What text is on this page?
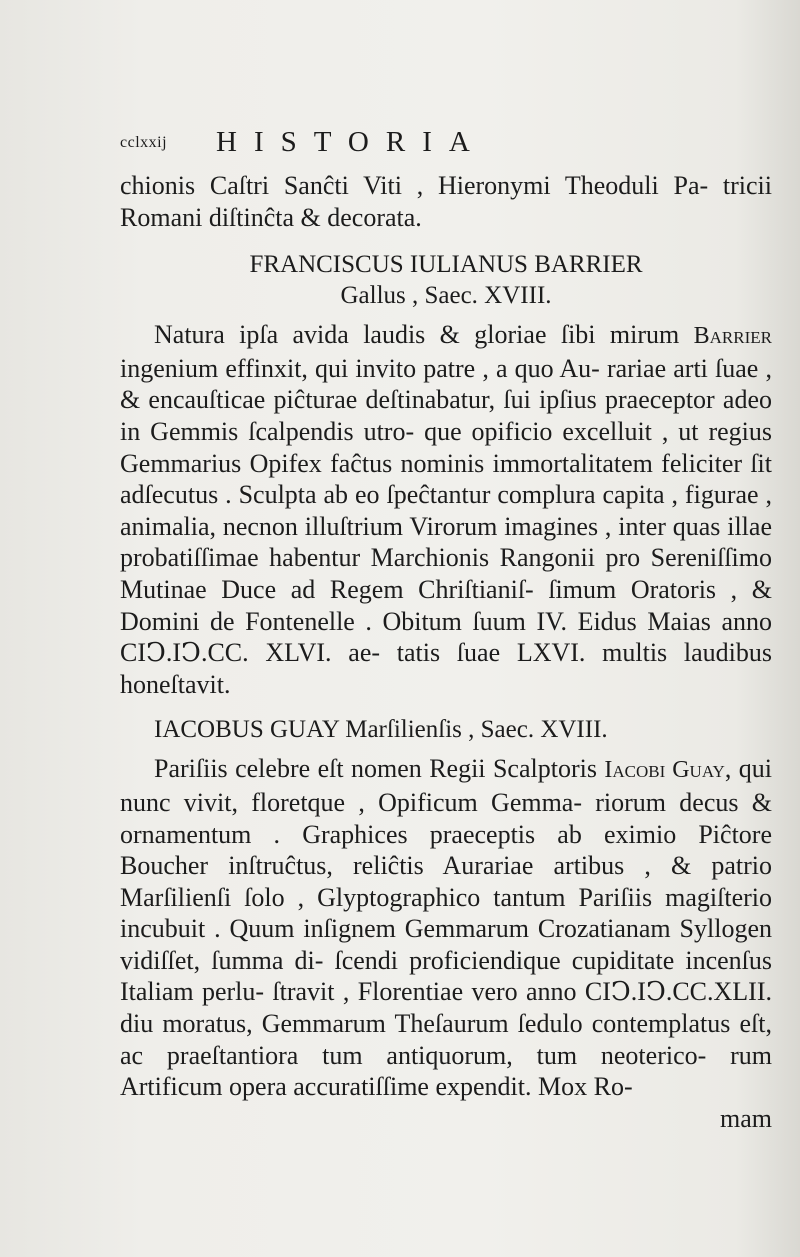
cclxxij HISTORIA

chionis Caſtri Sanĉti Viti , Hieronymi Theoduli Pa- tricii Romani diſtinĉta & decorata.

FRANCISCUS IULIANUS BARRIER
Gallus , Saec. XVIII.

Natura ipſa avida laudis & gloriae ſibi mirum Barrier ingenium effinxit, qui invito patre , a quo Au- rariae arti ſuae , & encauſticae piĉturae deſtinabatur, ſui ipſius praeceptor adeo in Gemmis ſcalpendis utro- que opificio excelluit , ut regius Gemmarius Opifex faĉtus nominis immortalitatem feliciter ſit adſecutus . Sculpta ab eo ſpeĉtantur complura capita , figurae , animalia, necnon illuſtrium Virorum imagines , inter quas illae probatiſſimae habentur Marchionis Rangonii pro Sereniſſimo Mutinae Duce ad Regem Chriſtianiſ- ſimum Oratoris , & Domini de Fontenelle . Obitum ſuum IV. Eidus Maias anno CIↃ.IↃ.CC. XLVI. ae- tatis ſuae LXVI. multis laudibus honeſtavit.

IACOBUS GUAY Marſilienſis , Saec. XVIII.

Pariſiis celebre eſt nomen Regii Scalptoris Iacobi Guay, qui nunc vivit, floretque , Opificum Gemma- riorum decus & ornamentum . Graphices praeceptis ab eximio Piĉtore Boucher inſtruĉtus, reliĉtis Aurariae artibus , & patrio Marſilienſi ſolo , Glyptographico tantum Pariſiis magiſterio incubuit . Quum inſignem Gemmarum Crozatianam Syllogen vidiſſet, ſumma di- ſcendi proficiendique cupiditate incenſus Italiam perlu- ſtravit , Florentiae vero anno CIↃ.IↃ.CC.XLII. diu moratus, Gemmarum Theſaurum ſedulo contemplatus eſt, ac praeſtantiora tum antiquorum, tum neoterico- rum Artificum opera accuratiſſime expendit. Mox Ro-

mam
